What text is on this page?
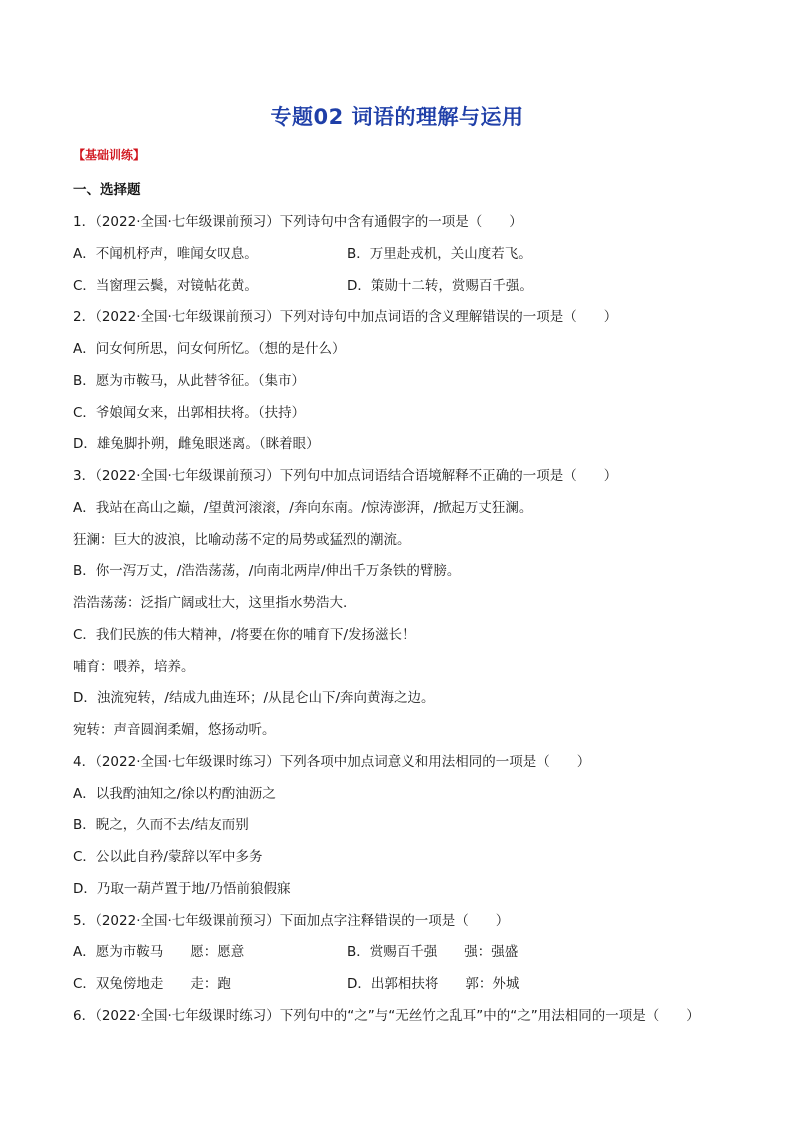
专题02 词语的理解与运用
【基础训练】
一、选择题
1．（2022·全国·七年级课前预习）下列诗句中含有通假字的一项是（　　）
A．不闻机杼声，唯闻女叹息。	B．万里赴戎机，关山度若飞。
C．当窗理云鬓，对镜帖花黄。	D．策勋十二转，赏赐百千强。
2．（2022·全国·七年级课前预习）下列对诗句中加点词语的含义理解错误的一项是（　　）
A．问女何所思，问女何所忆。（想的是什么）
B．愿为市鞍马，从此替爷征。（集市）
C．爷娘闻女来，出郭相扶将。（扶持）
D．雄兔脚扑朔，雌兔眼迷离。（眯着眼）
3．（2022·全国·七年级课前预习）下列句中加点词语结合语境解释不正确的一项是（　　）
A．我站在高山之巅，/望黄河滚滚，/奔向东南。/惊涛澎湃，/掀起万丈狂澜。
狂澜：巨大的波浪，比喻动荡不定的局势或猛烈的潮流。
B．你一泻万丈，/浩浩荡荡，/向南北两岸/伸出千万条铁的臂膀。
浩浩荡荡：泛指广阔或壮大，这里指水势浩大.
C．我们民族的伟大精神，/将要在你的哺育下/发扬滋长！
哺育：喂养，培养。
D．浊流宛转，/结成九曲连环；/从昆仑山下/奔向黄海之边。
宛转：声音圆润柔媚，悠扬动听。
4．（2022·全国·七年级课时练习）下列各项中加点词意义和用法相同的一项是（　　）
A．以我酌油知之/徐以杓酌油沥之
B．睨之，久而不去/结友而别
C．公以此自矜/蒙辞以军中多务
D．乃取一葫芦置于地/乃悟前狼假寐
5．（2022·全国·七年级课前预习）下面加点字注释错误的一项是（　　）
A．愿为市鞍马　　愿：愿意	B．赏赐百千强　　强：强盛
C．双兔傍地走　　走：跑	D．出郭相扶将　　郭：外城
6．（2022·全国·七年级课时练习）下列句中的“之”与“无丝竹之乱耳”中的“之”用法相同的一项是（　　）
